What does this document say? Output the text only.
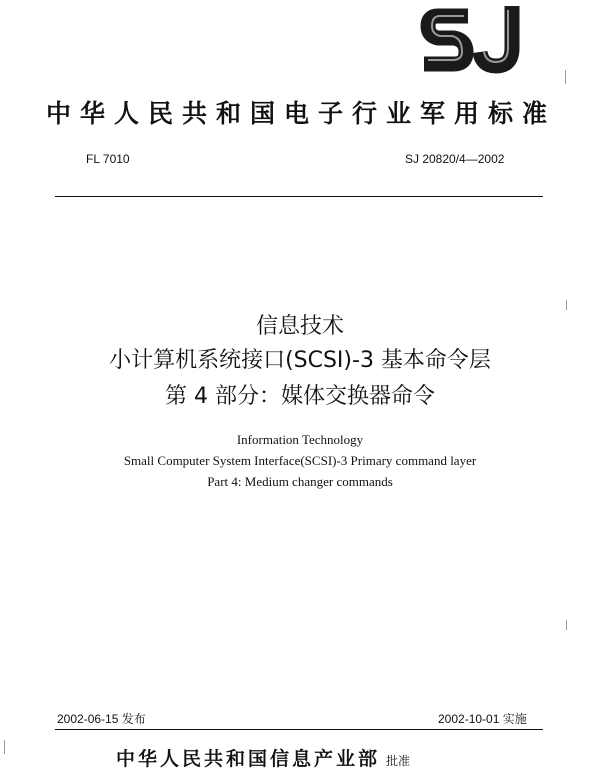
中华人民共和国电子行业军用标准
FL 7010	SJ 20820/4—2002
信息技术
小计算机系统接口(SCSI)-3 基本命令层
第 4 部分：媒体交换器命令
Information Technology
Small Computer System Interface(SCSI)-3 Primary command layer
Part 4: Medium changer commands
2002-06-15 发布	2002-10-01 实施
中华人民共和国信息产业部 批准
